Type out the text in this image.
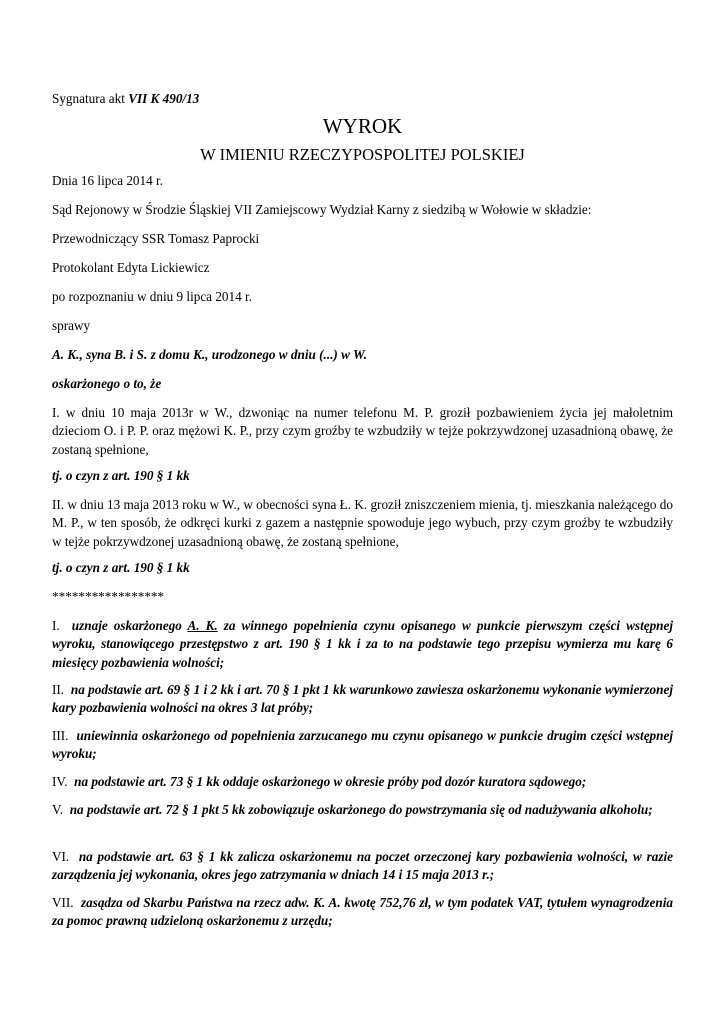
Sygnatura akt VII K 490/13
WYROK
W IMIENIU RZECZYPOSPOLITEJ POLSKIEJ
Dnia 16 lipca 2014 r.
Sąd Rejonowy w Środzie Śląskiej VII Zamiejscowy Wydział Karny z siedzibą w Wołowie w składzie:
Przewodniczący SSR Tomasz Paprocki
Protokolant Edyta Lickiewicz
po rozpoznaniu w dniu 9 lipca 2014 r.
sprawy
A. K., syna B. i S. z domu K., urodzonego w dniu (...) w W.
oskarżonego o to, że
I. w dniu 10 maja 2013r w W., dzwoniąc na numer telefonu M. P. groził pozbawieniem życia jej małoletnim dzieciom O. i P. P. oraz mężowi K. P., przy czym groźby te wzbudziły w tejże pokrzywdzonej uzasadnioną obawę, że zostaną spełnione,
tj. o czyn z art. 190 § 1 kk
II. w dniu 13 maja 2013 roku w W., w obecności syna Ł. K. groził zniszczeniem mienia, tj. mieszkania należącego do M. P., w ten sposób, że odkręci kurki z gazem a następnie spowoduje jego wybuch, przy czym groźby te wzbudziły w tejże pokrzywdzonej uzasadnioną obawę, że zostaną spełnione,
tj. o czyn z art. 190 § 1 kk
*****************
I. uznaje oskarżonego A. K. za winnego popełnienia czynu opisanego w punkcie pierwszym części wstępnej wyroku, stanowiącego przestępstwo z art. 190 § 1 kk i za to na podstawie tego przepisu wymierza mu karę 6 miesięcy pozbawienia wolności;
II. na podstawie art. 69 § 1 i 2 kk i art. 70 § 1 pkt 1 kk warunkowo zawiesza oskarżonemu wykonanie wymierzonej kary pozbawienia wolności na okres 3 lat próby;
III. uniewinnia oskarżonego od popełnienia zarzucanego mu czynu opisanego w punkcie drugim części wstępnej wyroku;
IV. na podstawie art. 73 § 1 kk oddaje oskarżonego w okresie próby pod dozór kuratora sądowego;
V. na podstawie art. 72 § 1 pkt 5 kk zobowiązuje oskarżonego do powstrzymania się od nadużywania alkoholu;
VI. na podstawie art. 63 § 1 kk zalicza oskarżonemu na poczet orzeczonej kary pozbawienia wolności, w razie zarządzenia jej wykonania, okres jego zatrzymania w dniach 14 i 15 maja 2013 r.;
VII. zasądza od Skarbu Państwa na rzecz adw. K. A. kwotę 752,76 zł, w tym podatek VAT, tytułem wynagrodzenia za pomoc prawną udzieloną oskarżonemu z urzędu;
